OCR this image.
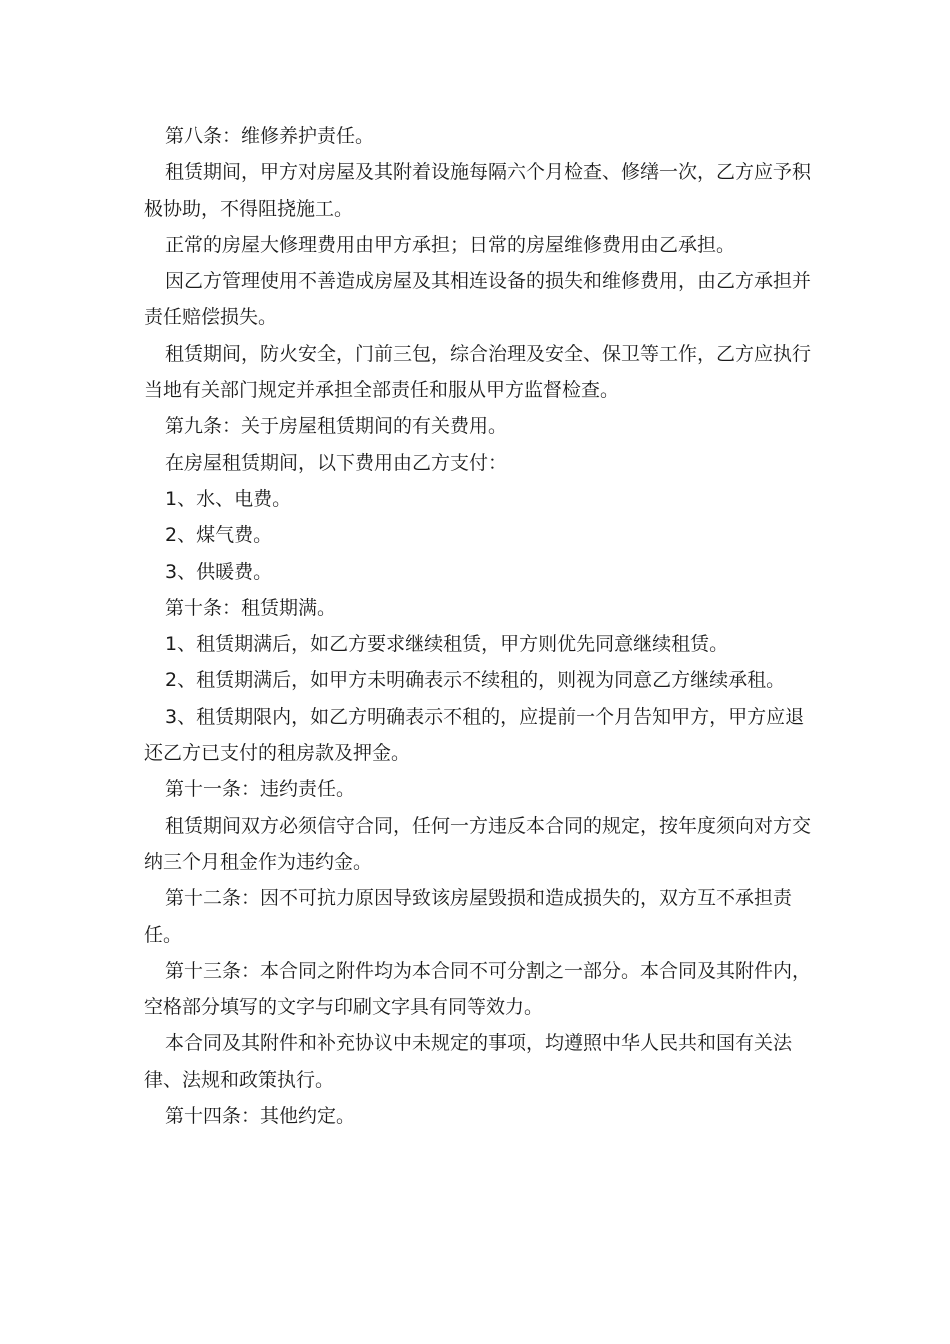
第八条：维修养护责任。

租赁期间，甲方对房屋及其附着设施每隔六个月检查、修缮一次，乙方应予积极协助，不得阻挠施工。

正常的房屋大修理费用由甲方承担；日常的房屋维修费用由乙承担。

因乙方管理使用不善造成房屋及其相连设备的损失和维修费用，由乙方承担并责任赔偿损失。

租赁期间，防火安全，门前三包，综合治理及安全、保卫等工作，乙方应执行当地有关部门规定并承担全部责任和服从甲方监督检查。

第九条：关于房屋租赁期间的有关费用。

在房屋租赁期间，以下费用由乙方支付：

1、水、电费。

2、煤气费。

3、供暖费。

第十条：租赁期满。

1、租赁期满后，如乙方要求继续租赁，甲方则优先同意继续租赁。

2、租赁期满后，如甲方未明确表示不续租的，则视为同意乙方继续承租。

3、租赁期限内，如乙方明确表示不租的，应提前一个月告知甲方，甲方应退还乙方已支付的租房款及押金。

第十一条：违约责任。

租赁期间双方必须信守合同，任何一方违反本合同的规定，按年度须向对方交纳三个月租金作为违约金。

第十二条：因不可抗力原因导致该房屋毁损和造成损失的，双方互不承担责任。

第十三条：本合同之附件均为本合同不可分割之一部分。本合同及其附件内，空格部分填写的文字与印刷文字具有同等效力。

本合同及其附件和补充协议中未规定的事项，均遵照中华人民共和国有关法律、法规和政策执行。

第十四条：其他约定。
